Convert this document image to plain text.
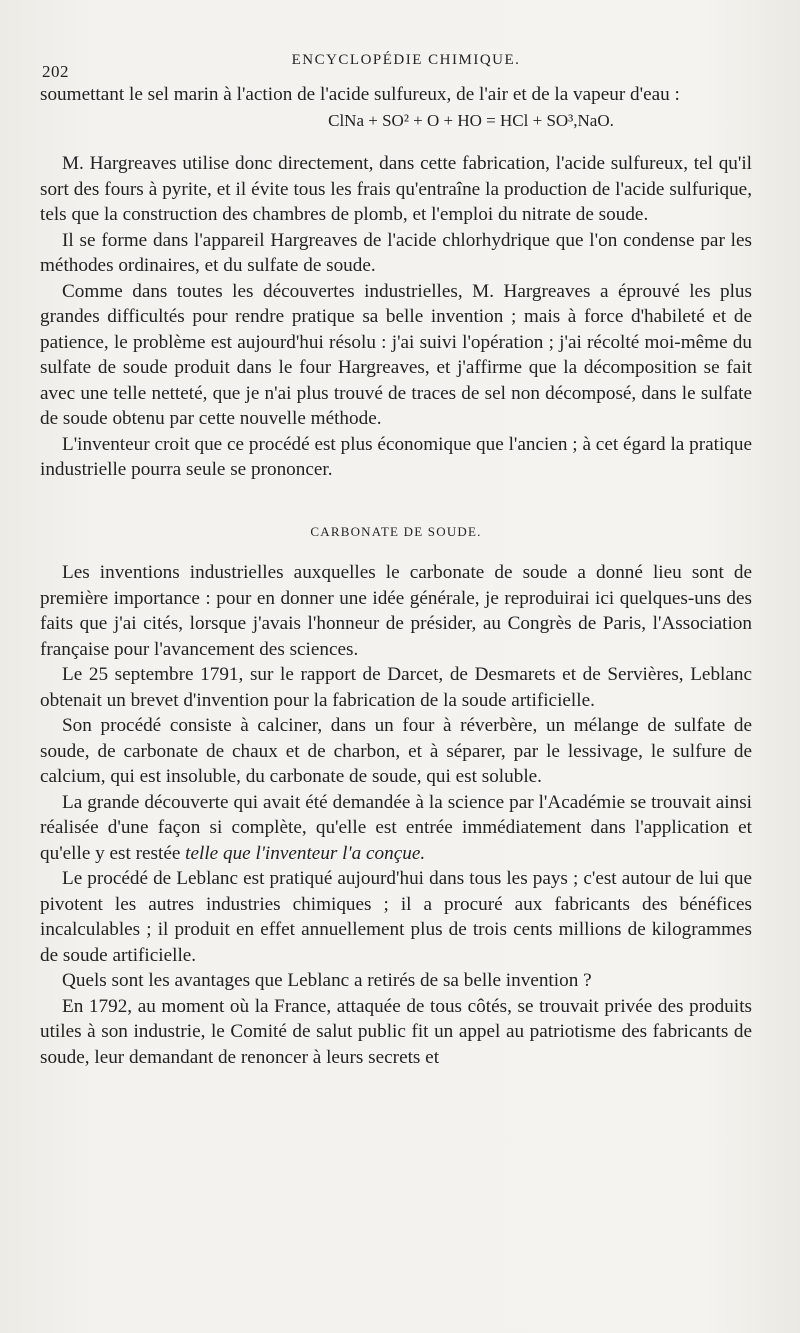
202
ENCYCLOPÉDIE CHIMIQUE.

soumettant le sel marin à l'action de l'acide sulfureux, de l'air et de la vapeur d'eau :

ClNa + SO² + O + HO = HCl + SO³,NaO.

M. Hargreaves utilise donc directement, dans cette fabrication, l'acide sulfureux, tel qu'il sort des fours à pyrite, et il évite tous les frais qu'entraîne la production de l'acide sulfurique, tels que la construction des chambres de plomb, et l'emploi du nitrate de soude.

Il se forme dans l'appareil Hargreaves de l'acide chlorhydrique que l'on condense par les méthodes ordinaires, et du sulfate de soude.

Comme dans toutes les découvertes industrielles, M. Hargreaves a éprouvé les plus grandes difficultés pour rendre pratique sa belle invention ; mais à force d'habileté et de patience, le problème est aujourd'hui résolu : j'ai suivi l'opération ; j'ai récolté moi-même du sulfate de soude produit dans le four Hargreaves, et j'affirme que la décomposition se fait avec une telle netteté, que je n'ai plus trouvé de traces de sel non décomposé, dans le sulfate de soude obtenu par cette nouvelle méthode.

L'inventeur croit que ce procédé est plus économique que l'ancien ; à cet égard la pratique industrielle pourra seule se prononcer.

CARBONATE DE SOUDE.

Les inventions industrielles auxquelles le carbonate de soude a donné lieu sont de première importance : pour en donner une idée générale, je reproduirai ici quelques-uns des faits que j'ai cités, lorsque j'avais l'honneur de présider, au Congrès de Paris, l'Association française pour l'avancement des sciences.

Le 25 septembre 1791, sur le rapport de Darcet, de Desmarets et de Servières, Leblanc obtenait un brevet d'invention pour la fabrication de la soude artificielle.

Son procédé consiste à calciner, dans un four à réverbère, un mélange de sulfate de soude, de carbonate de chaux et de charbon, et à séparer, par le lessivage, le sulfure de calcium, qui est insoluble, du carbonate de soude, qui est soluble.

La grande découverte qui avait été demandée à la science par l'Académie se trouvait ainsi réalisée d'une façon si complète, qu'elle est entrée immédiatement dans l'application et qu'elle y est restée telle que l'inventeur l'a conçue.

Le procédé de Leblanc est pratiqué aujourd'hui dans tous les pays ; c'est autour de lui que pivotent les autres industries chimiques ; il a procuré aux fabricants des bénéfices incalculables ; il produit en effet annuellement plus de trois cents millions de kilogrammes de soude artificielle.

Quels sont les avantages que Leblanc a retirés de sa belle invention ?

En 1792, au moment où la France, attaquée de tous côtés, se trouvait privée des produits utiles à son industrie, le Comité de salut public fit un appel au patriotisme des fabricants de soude, leur demandant de renoncer à leurs secrets et
